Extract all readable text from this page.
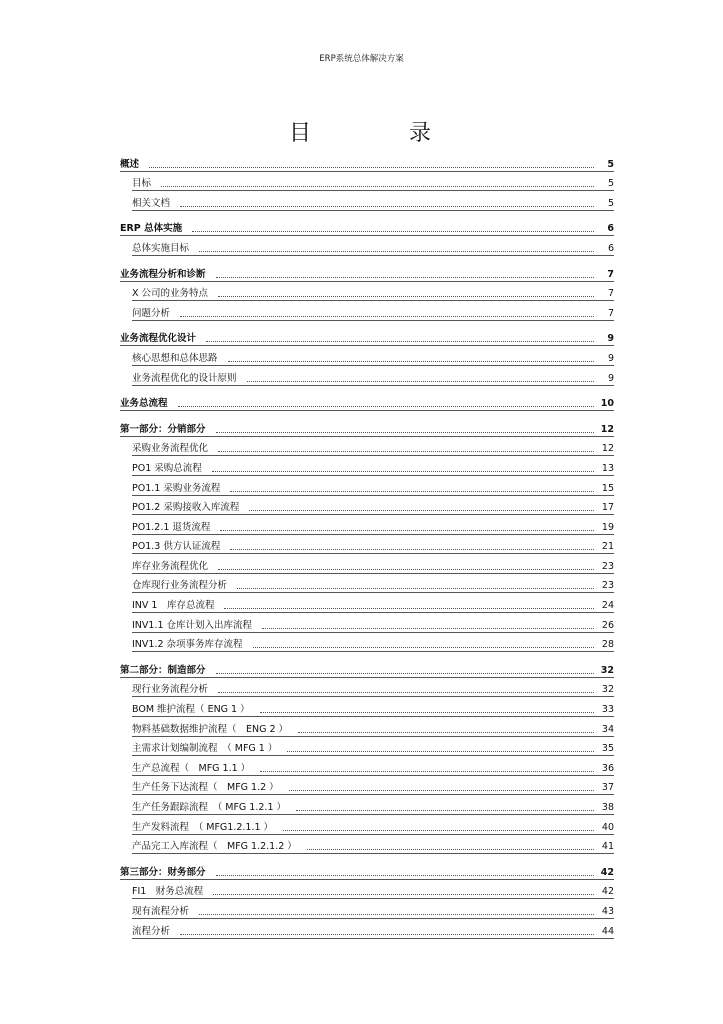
ERP系统总体解决方案
目	录
概述	5
目标	5
相关文档	5
ERP 总体实施	6
总体实施目标	6
业务流程分析和诊断	7
X 公司的业务特点	7
问题分析	7
业务流程优化设计	9
核心思想和总体思路	9
业务流程优化的设计原则	9
业务总流程	10
第一部分：分销部分	12
采购业务流程优化	12
PO1 采购总流程	13
PO1.1 采购业务流程	15
PO1.2 采购接收入库流程	17
PO1.2.1 退货流程	19
PO1.3 供方认证流程	21
库存业务流程优化	23
仓库现行业务流程分析	23
INV 1　库存总流程	24
INV1.1 仓库计划入出库流程	26
INV1.2 杂项事务库存流程	28
第二部分：制造部分	32
现行业务流程分析	32
BOM 维护流程（ ENG 1 ）	33
物料基础数据维护流程（　ENG 2 ）	34
主需求计划编制流程　（ MFG 1 ）	35
生产总流程（　MFG 1.1 ）	36
生产任务下达流程（　MFG 1.2 ）	37
生产任务跟踪流程　（ MFG 1.2.1 ）	38
生产发料流程　（ MFG1.2.1.1 ）	40
产品完工入库流程（　MFG 1.2.1.2 ）	41
第三部分：财务部分	42
FI1　财务总流程	42
现有流程分析	43
流程分析	44
